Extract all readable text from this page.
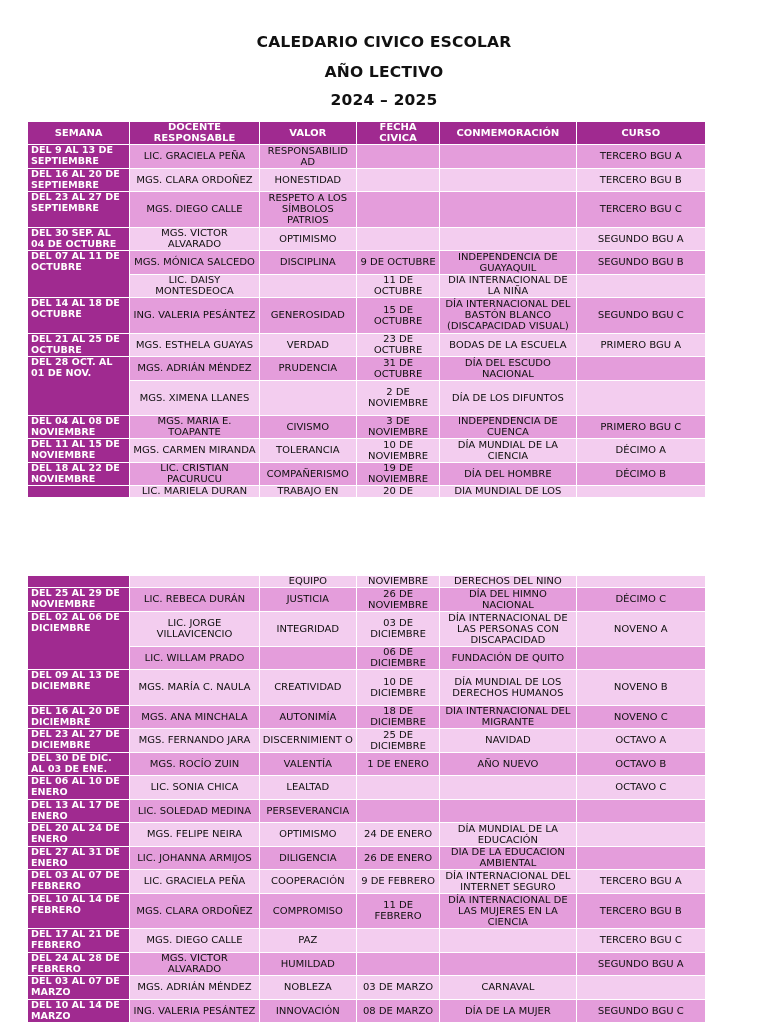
CALEDARIO CIVICO ESCOLAR
AÑO LECTIVO
2024 – 2025
SEMANA	DOCENTE RESPONSABLE	VALOR	FECHA CIVICA	CONMEMORACIÓN	CURSO
DEL 9 AL 13 DE SEPTIEMBRE	LIC. GRACIELA PEÑA	RESPONSABILID AD			TERCERO BGU A
DEL 16 AL 20 DE SEPTIEMBRE	MGS. CLARA ORDOÑEZ	HONESTIDAD			TERCERO BGU B
DEL 23 AL 27 DE SEPTIEMBRE	MGS. DIEGO CALLE	RESPETO A LOS SÍMBOLOS PATRIOS			TERCERO BGU C
DEL 30 SEP. AL 04 DE OCTUBRE	MGS. VÍCTOR ALVARADO	OPTIMISMO			SEGUNDO BGU A
DEL 07 AL 11 DE OCTUBRE	MGS. MÓNICA SALCEDO	DISCIPLINA	9 DE OCTUBRE	INDEPENDENCIA DE GUAYAQUIL	SEGUNDO BGU B
	LIC. DAISY MONTESDEOCA		11 DE OCTUBRE	DÍA INTERNACIONAL DE LA NIÑA	
DEL 14 AL 18 DE OCTUBRE	ING. VALERIA PESÁNTEZ	GENEROSIDAD	15 DE OCTUBRE	DÍA INTERNACIONAL DEL BASTÓN BLANCO (DISCAPACIDAD VISUAL)	SEGUNDO BGU C
DEL 21 AL 25 DE OCTUBRE	MGS. ESTHELA GUAYAS	VERDAD	23 DE OCTUBRE	BODAS DE LA ESCUELA	PRIMERO BGU A
DEL 28 OCT. AL 01 DE NOV.	MGS. ADRIÁN MÉNDEZ	PRUDENCIA	31 DE OCTUBRE	DÍA DEL ESCUDO NACIONAL	
	MGS. XIMENA LLANES		2 DE NOVIEMBRE	DÍA DE LOS DIFUNTOS	
DEL 04 AL 08 DE NOVIEMBRE	MGS. MARÍA E. TOAPANTE	CIVISMO	3 DE NOVIEMBRE	INDEPENDENCIA DE CUENCA	PRIMERO BGU C
DEL 11 AL 15 DE NOVIEMBRE	MGS. CARMEN MIRANDA	TOLERANCIA	10 DE NOVIEMBRE	DÍA MUNDIAL DE LA CIENCIA	DÉCIMO A
DEL 18 AL 22 DE NOVIEMBRE	LIC. CRISTIAN PACURUCU	COMPAÑERISMO	19 DE NOVIEMBRE	DÍA DEL HOMBRE	DÉCIMO B
	LIC. MARIELA DURÁN	TRABAJO EN	20 DE	DÍA MUNDIAL DE LOS	
		EQUIPO	NOVIEMBRE	DERECHOS DEL NIÑO	
DEL 25 AL 29 DE NOVIEMBRE	LIC. REBECA DURÁN	JUSTICIA	26 DE NOVIEMBRE	DÍA DEL HIMNO NACIONAL	DÉCIMO C
DEL 02 AL 06 DE DICIEMBRE	LIC. JORGE VILLAVICENCIO	INTEGRIDAD	03 DE DICIEMBRE	DÍA INTERNACIONAL DE LAS PERSONAS CON DISCAPACIDAD	NOVENO A
	LIC. WILLAM PRADO		06 DE DICIEMBRE	FUNDACIÓN DE QUITO	
DEL 09 AL 13 DE DICIEMBRE	MGS. MARÍA C. NAULA	CREATIVIDAD	10 DE DICIEMBRE	DÍA MUNDIAL DE LOS DERECHOS HUMANOS	NOVENO B
DEL 16 AL 20 DE DICIEMBRE	MGS. ANA MINCHALA	AUTONIMÍA	18 DE DICIEMBRE	DÍA INTERNACIONAL DEL MIGRANTE	NOVENO C
DEL 23 AL 27 DE DICIEMBRE	MGS. FERNANDO JARA	DISCERNIMIENT O	25 DE DICIEMBRE	NAVIDAD	OCTAVO A
DEL 30 DE DIC. AL 03 DE ENE.	MGS. ROCÍO ZUIN	VALENTÍA	1 DE ENERO	AÑO NUEVO	OCTAVO B
DEL 06 AL 10 DE ENERO	LIC. SONIA CHICA	LEALTAD			OCTAVO C
DEL 13 AL 17 DE ENERO	LIC. SOLEDAD MEDINA	PERSEVERANCIA			
DEL 20 AL 24 DE ENERO	MGS. FELIPE NEIRA	OPTIMISMO	24 DE ENERO	DÍA MUNDIAL DE LA EDUCACIÓN	
DEL 27 AL 31 DE ENERO	LIC. JOHANNA ARMIJOS	DILIGENCIA	26 DE ENERO	DÍA DE LA EDUCACIÓN AMBIENTAL	
DEL 03 AL 07 DE FEBRERO	LIC. GRACIELA PEÑA	COOPERACIÓN	9 DE FEBRERO	DÍA INTERNACIONAL DEL INTERNET SEGURO	TERCERO BGU A
DEL 10 AL 14 DE FEBRERO	MGS. CLARA ORDOÑEZ	COMPROMISO	11 DE FEBRERO	DÍA INTERNACIONAL DE LAS MUJERES EN LA CIENCIA	TERCERO BGU B
DEL 17 AL 21 DE FEBRERO	MGS. DIEGO CALLE	PAZ			TERCERO BGU C
DEL 24 AL 28 DE FEBRERO	MGS. VÍCTOR ALVARADO	HUMILDAD			SEGUNDO BGU A
DEL 03 AL 07 DE MARZO	MGS. ADRIÁN MÉNDEZ	NOBLEZA	03 DE MARZO	CARNAVAL	
DEL 10 AL 14 DE MARZO	ING. VALERIA PESÁNTEZ	INNOVACIÓN	08 DE MARZO	DÍA DE LA MUJER	SEGUNDO BGU C
